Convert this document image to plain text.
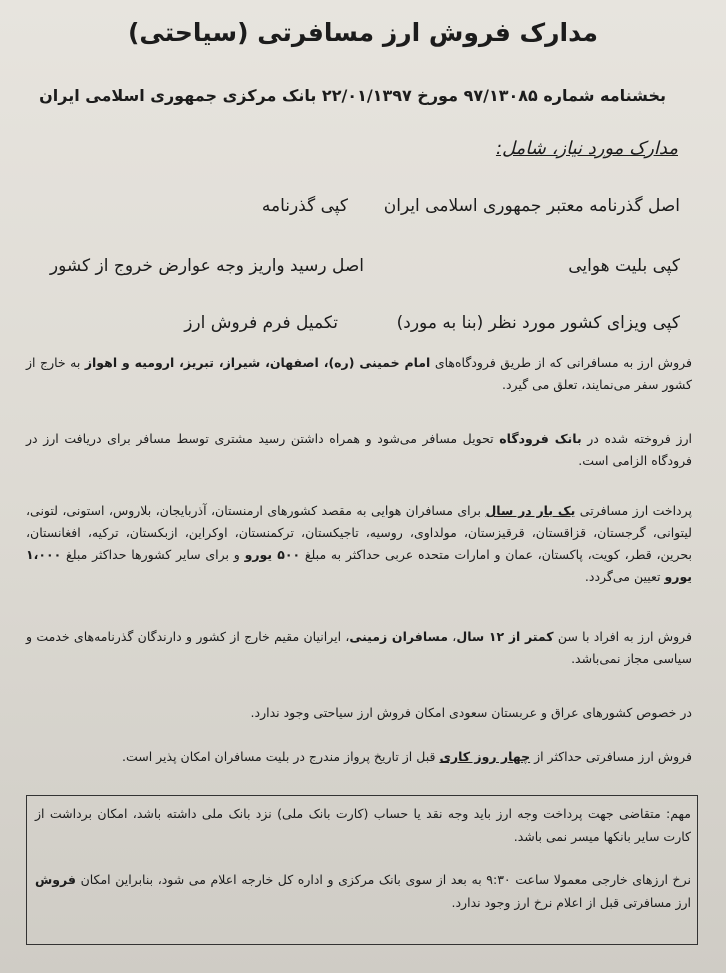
مدارک فروش ارز مسافرتی (سیاحتی)
بخشنامه شماره ۹۷/۱۳۰۸۵ مورخ ۲۲/۰۱/۱۳۹۷ بانک مرکزی جمهوری اسلامی ایران
مدارک مورد نیاز، شامل:
اصل گذرنامه معتبر جمهوری اسلامی ایران
کپی گذرنامه
کپی بلیت هوایی
اصل رسید واریز وجه عوارض خروج از کشور
کپی ویزای کشور مورد نظر (بنا به مورد)
تکمیل فرم فروش ارز
فروش ارز به مسافرانی که از طریق فرودگاه‌های امام خمینی (ره)، اصفهان، شیراز، تبریز، ارومیه و اهواز به خارج از کشور سفر می‌نمایند، تعلق می گیرد.
ارز فروخته شده در بانک فرودگاه تحویل مسافر می‌شود و همراه داشتن رسید مشتری توسط مسافر برای دریافت ارز در فرودگاه الزامی است.
پرداخت ارز مسافرتی یک بار در سال برای مسافران هوایی به مقصد کشورهای ارمنستان، آذربایجان، بلاروس، استونی، لتونی، لیتوانی، گرجستان، قزاقستان، قرقیزستان، مولداوی، روسیه، تاجیکستان، ترکمنستان، اوکراین، ازبکستان، ترکیه، افغانستان، بحرین، قطر، کویت، پاکستان، عمان و امارات متحده عربی حداکثر به مبلغ ۵۰۰ یورو و برای سایر کشورها حداکثر مبلغ ۱،۰۰۰ یورو تعیین می‌گردد.
فروش ارز به افراد با سن کمتر از ۱۲ سال، مسافران زمینی، ایرانیان مقیم خارج از کشور و دارندگان گذرنامه‌های خدمت و سیاسی مجاز نمی‌باشد.
در خصوص کشورهای عراق و عربستان سعودی امکان فروش ارز سیاحتی وجود ندارد.
فروش ارز مسافرتی حداکثر از چهار روز کاری قبل از تاریخ پرواز مندرج در بلیت مسافران امکان پذیر است.
مهم: متقاضی جهت پرداخت وجه ارز باید وجه نقد یا حساب (کارت بانک ملی) نزد بانک ملی داشته باشد، امکان برداشت از کارت سایر بانکها میسر نمی باشد.
نرخ ارزهای خارجی معمولا ساعت ۹:۳۰ به بعد از سوی بانک مرکزی و اداره کل خارجه اعلام می شود، بنابراین امکان فروش ارز مسافرتی قبل از اعلام نرخ ارز وجود ندارد.
